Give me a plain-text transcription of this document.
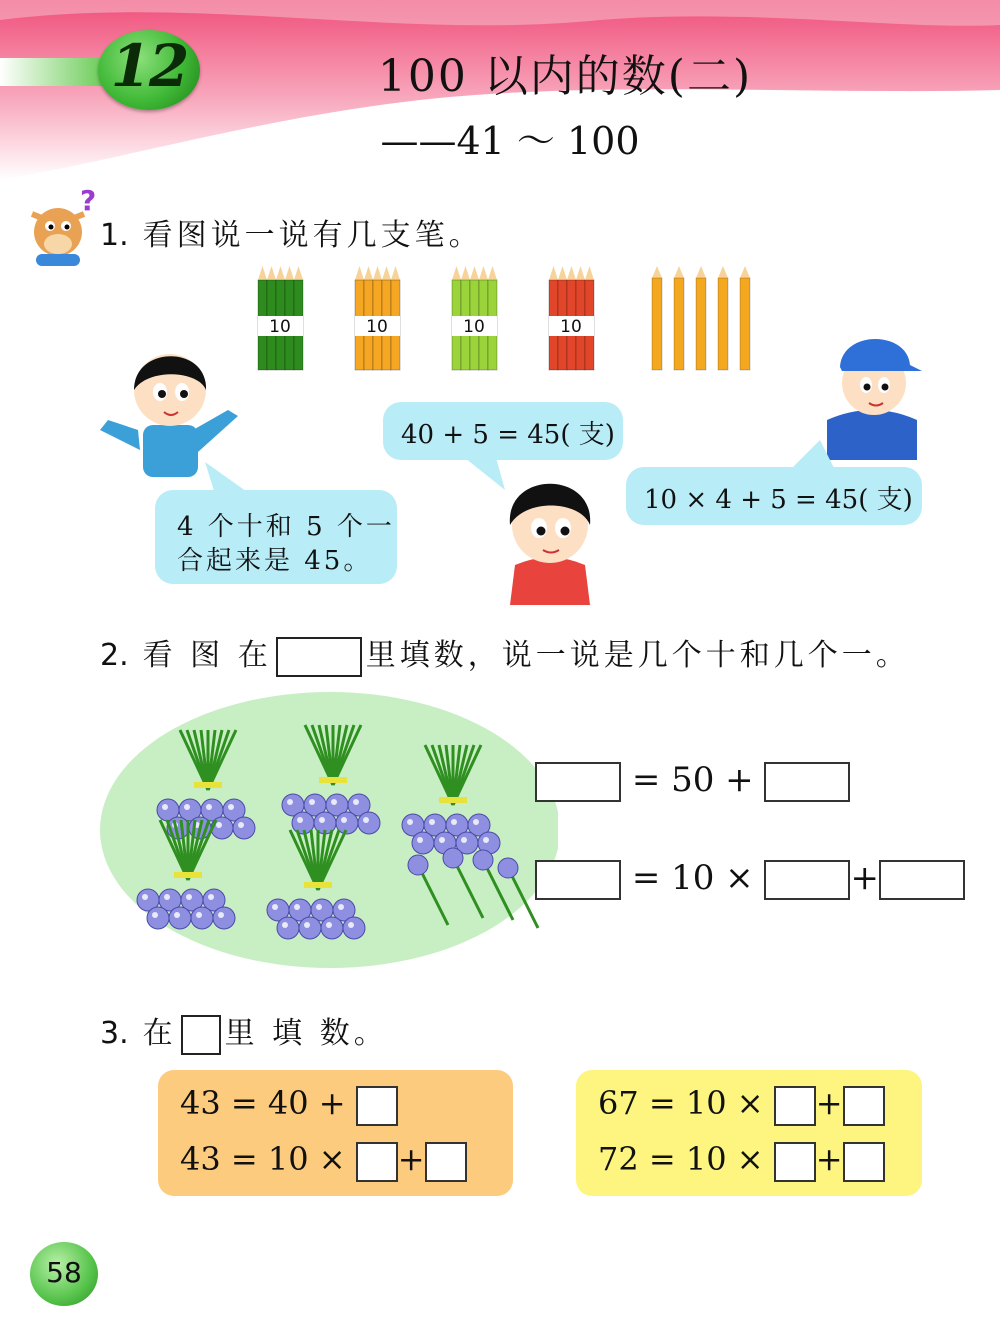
12	100 以内的数(二)
——41 ～ 100
?
1. 看图说一说有几支笔。
10	10	10	10
4 个十和 5 个一
合起来是 45。
40 + 5 = 45( 支)
10 × 4 + 5 = 45( 支)
2. 看 图 在	里填数，说一说是几个十和几个一。
= 50 +
= 10 ×	+
3. 在 里 填 数。
43 = 40 +
43 = 10 × +
67 = 10 × +
72 = 10 × +
58
